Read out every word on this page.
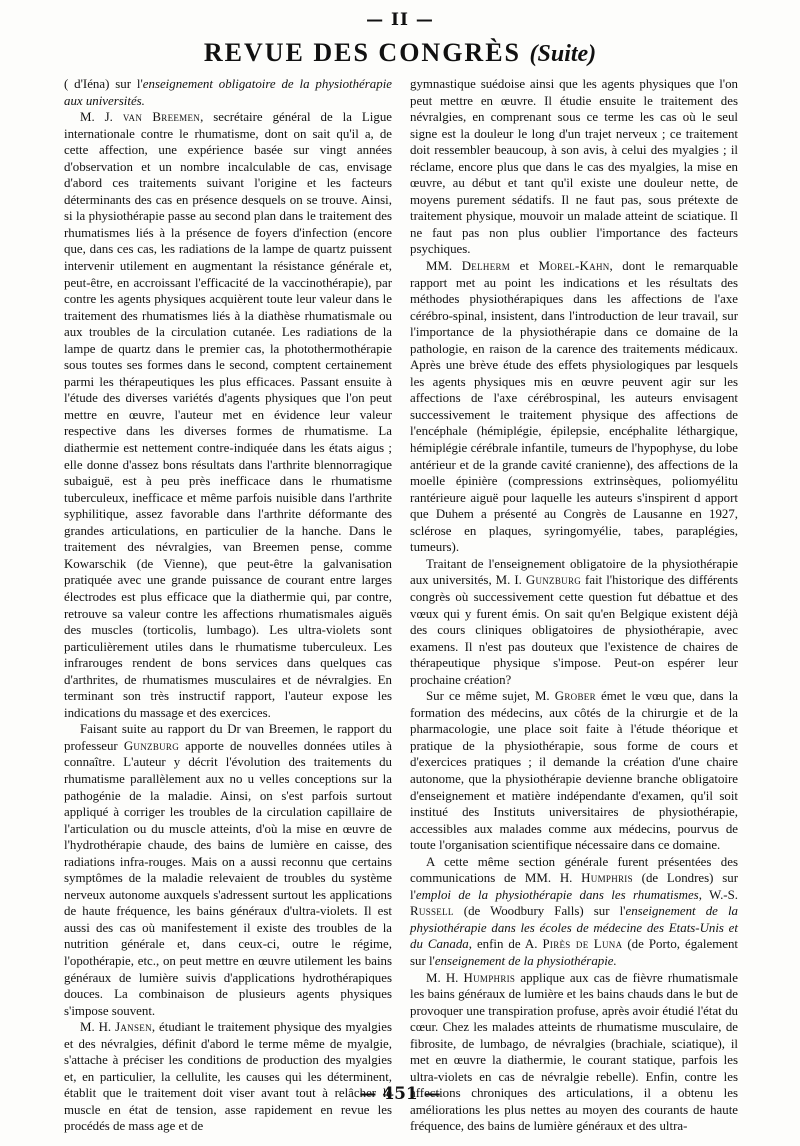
— II —
REVUE DES CONGRÈS (Suite)

( d'Iéna) sur l'enseignement obligatoire de la physiothérapie aux universités.

M. J. van Breemen, secrétaire général de la Ligue internationale contre le rhumatisme, dont on sait qu'il a, de cette affection, une expérience basée sur vingt années d'observation et un nombre incalculable de cas, envisage d'abord ces traitements suivant l'origine et les facteurs déterminants des cas en présence desquels on se trouve. Ainsi, si la physiothérapie passe au second plan dans le traitement des rhumatismes liés à la présence de foyers d'infection (encore que, dans ces cas, les radiations de la lampe de quartz puissent intervenir utilement en augmentant la résistance générale et, peut-être, en accroissant l'efficacité de la vaccinothérapie), par contre les agents physiques acquièrent toute leur valeur dans le traitement des rhumatismes liés à la diathèse rhumatismale ou aux troubles de la circulation cutanée. Les radiations de la lampe de quartz dans le premier cas, la photothermothérapie sous toutes ses formes dans le second, comptent certainement parmi les thérapeutiques les plus efficaces. Passant ensuite à l'étude des diverses variétés d'agents physiques que l'on peut mettre en œuvre, l'auteur met en évidence leur valeur respective dans les diverses formes de rhumatisme. La diathermie est nettement contre-indiquée dans les états aigus ; elle donne d'assez bons résultats dans l'arthrite blennorragique subaiguë, est à peu près inefficace dans le rhumatisme tuberculeux, inefficace et même parfois nuisible dans l'arthrite syphilitique, assez favorable dans l'arthrite déformante des grandes articulations, en particulier de la hanche. Dans le traitement des névralgies, van Breemen pense, comme Kowarschik (de Vienne), que peut-être la galvanisation pratiquée avec une grande puissance de courant entre larges électrodes est plus efficace que la diathermie qui, par contre, retrouve sa valeur contre les affections rhumatismales aiguës des muscles (torticolis, lumbago). Les ultra-violets sont particulièrement utiles dans le rhumatisme tuberculeux. Les infrarouges rendent de bons services dans quelques cas d'arthrites, de rhumatismes musculaires et de névralgies. En terminant son très instructif rapport, l'auteur expose les indications du massage et des exercices.

Faisant suite au rapport du Dr van Breemen, le rapport du professeur Gunzburg apporte de nouvelles données utiles à connaître. L'auteur y décrit l'évolution des traitements du rhumatisme parallèlement aux no u velles conceptions sur la pathogénie de la maladie. Ainsi, on s'est parfois surtout appliqué à corriger les troubles de la circulation capillaire de l'articulation ou du muscle atteints, d'où la mise en œuvre de l'hydrothérapie chaude, des bains de lumière en caisse, des radiations infra-rouges. Mais on a aussi reconnu que certains symptômes de la maladie relevaient de troubles du système nerveux autonome auxquels s'adressent surtout les applications de haute fréquence, les bains généraux d'ultra-violets. Il est aussi des cas où manifestement il existe des troubles de la nutrition générale et, dans ceux-ci, outre le régime, l'opothérapie, etc., on peut mettre en œuvre utilement les bains généraux de lumière suivis d'applications hydrothérapiques douces. La combinaison de plusieurs agents physiques s'impose souvent.

M. H. Jansen, étudiant le traitement physique des myalgies et des névralgies, définit d'abord le terme même de myalgie, s'attache à préciser les conditions de production des myalgies et, en particulier, la cellulite, les causes qui les déterminent, établit que le traitement doit viser avant tout à relâcher le muscle en état de tension, asse rapidement en revue les procédés de mass age et de

gymnastique suédoise ainsi que les agents physiques que l'on peut mettre en œuvre. Il étudie ensuite le traitement des névralgies, en comprenant sous ce terme les cas où le seul signe est la douleur le long d'un trajet nerveux ; ce traitement doit ressembler beaucoup, à son avis, à celui des myalgies ; il réclame, encore plus que dans le cas des myalgies, la mise en œuvre, au début et tant qu'il existe une douleur nette, de moyens purement sédatifs. Il ne faut pas, sous prétexte de traitement physique, mouvoir un malade atteint de sciatique. Il ne faut pas non plus oublier l'importance des facteurs psychiques.

MM. Delherm et Morel-Kahn, dont le remarquable rapport met au point les indications et les résultats des méthodes physiothérapiques dans les affections de l'axe cérébro-spinal, insistent, dans l'introduction de leur travail, sur l'importance de la physiothérapie dans ce domaine de la pathologie, en raison de la carence des traitements médicaux. Après une brève étude des effets physiologiques par lesquels les agents physiques mis en œuvre peuvent agir sur les affections de l'axe cérébrospinal, les auteurs envisagent successivement le traitement physique des affections de l'encéphale (hémiplégie, épilepsie, encéphalite léthargique, hémiplégie cérébrale infantile, tumeurs de l'hypophyse, du lobe antérieur et de la grande cavité cranienne), des affections de la moelle épinière (compressions extrinsèques, poliomyélitu rantérieure aiguë pour laquelle les auteurs s'inspirent d apport que Duhem a présenté au Congrès de Lausanne en 1927, sclérose en plaques, syringomyélie, tabes, paraplégies, tumeurs).

Traitant de l'enseignement obligatoire de la physiothérapie aux universités, M. I. Gunzburg fait l'historique des différents congrès où successivement cette question fut débattue et des vœux qui y furent émis. On sait qu'en Belgique existent déjà des cours cliniques obligatoires de physiothérapie, avec examens. Il n'est pas douteux que l'existence de chaires de thérapeutique physique s'impose. Peut-on espérer leur prochaine création?

Sur ce même sujet, M. Grober émet le vœu que, dans la formation des médecins, aux côtés de la chirurgie et de la pharmacologie, une place soit faite à l'étude théorique et pratique de la physiothérapie, sous forme de cours et d'exercices pratiques ; il demande la création d'une chaire autonome, que la physiothérapie devienne branche obligatoire d'enseignement et matière indépendante d'examen, qu'il soit institué des Instituts universitaires de physiothérapie, accessibles aux malades comme aux médecins, pourvus de toute l'organisation scientifique nécessaire dans ce domaine.

A cette même section générale furent présentées des communications de MM. H. Humphris (de Londres) sur l'emploi de la physiothérapie dans les rhumatismes, W.-S. Russell (de Woodbury Falls) sur l'enseignement de la physiothérapie dans les écoles de médecine des Etats-Unis et du Canada, enfin de A. Pirès de Luna (de Porto, également sur l'enseignement de la physiothérapie.

M. H. Humphris applique aux cas de fièvre rhumatismale les bains généraux de lumière et les bains chauds dans le but de provoquer une transpiration profuse, après avoir étudié l'état du cœur. Chez les malades atteints de rhumatisme musculaire, de fibrosite, de lumbago, de névralgies (brachiale, sciatique), il met en œuvre la diathermie, le courant statique, parfois les ultra-violets en cas de névralgie rebelle). Enfin, contre les affections chroniques des articulations, il a obtenu les améliorations les plus nettes au moyen des courants de haute fréquence, des bains de lumière généraux et des ultra-

— 451 —
